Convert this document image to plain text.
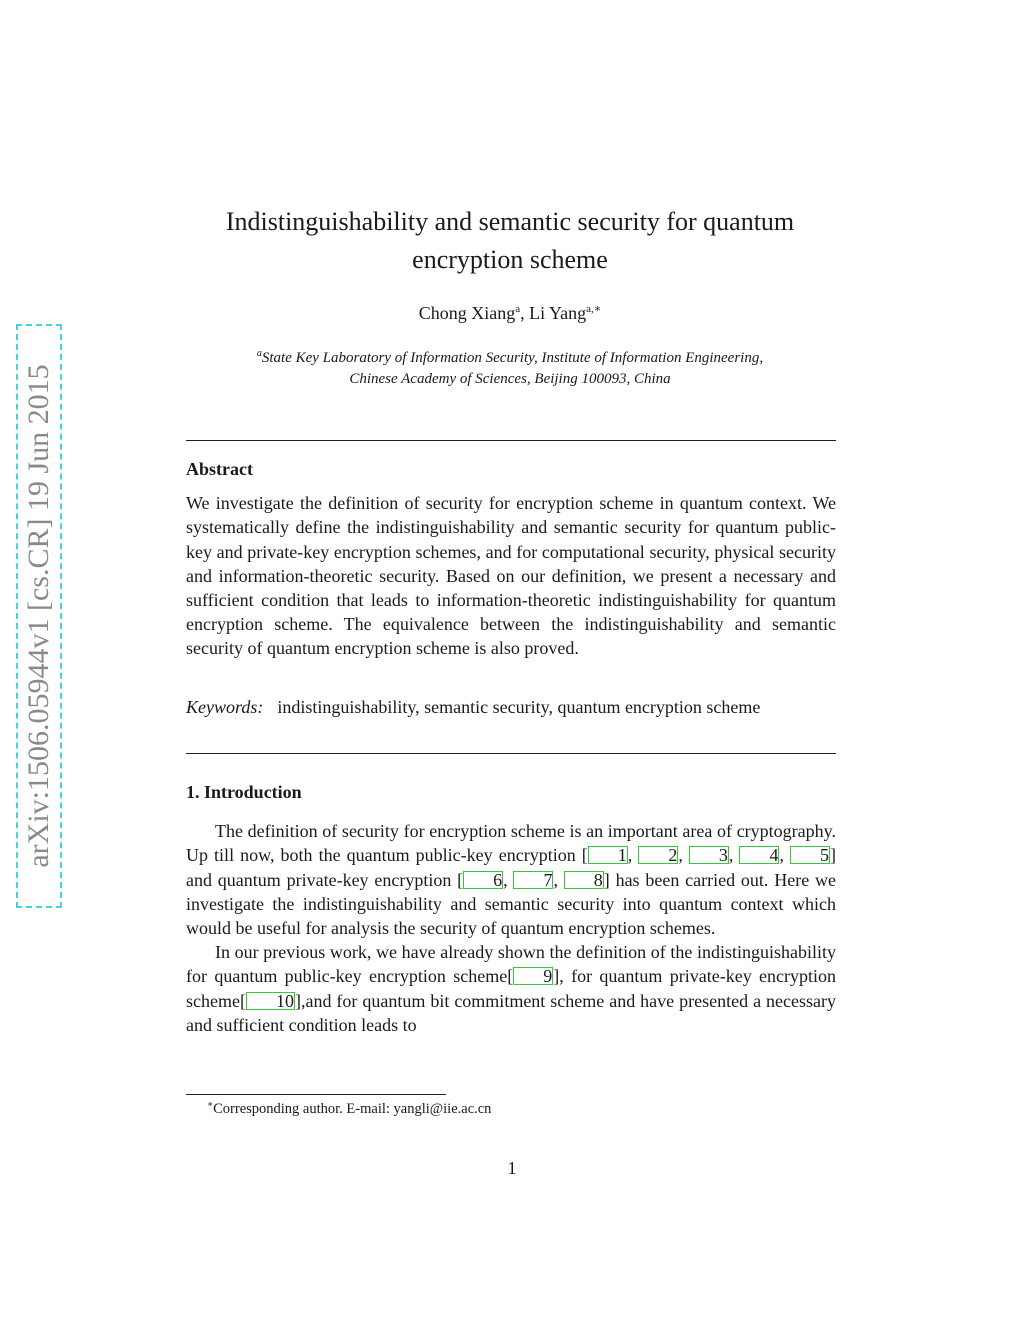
arXiv:1506.05944v1 [cs.CR] 19 Jun 2015
Indistinguishability and semantic security for quantum
encryption scheme
Chong Xiang$^a$, Li Yang$^{a,∗}$
$^a$State Key Laboratory of Information Security, Institute of Information Engineering,
Chinese Academy of Sciences, Beijing 100093, China
Abstract
We investigate the definition of security for encryption scheme in quantum context. We systematically define the indistinguishability and semantic security for quantum public-key and private-key encryption schemes, and for computational security, physical security and information-theoretic security. Based on our definition, we present a necessary and sufficient condition that leads to information-theoretic indistinguishability for quantum encryption scheme. The equivalence between the indistinguishability and semantic security of quantum encryption scheme is also proved.
Keywords: indistinguishability, semantic security, quantum encryption scheme
1. Introduction

The definition of security for encryption scheme is an important area of cryptography. Up till now, both the quantum public-key encryption [ 1, 2, 3, 4, 5] and quantum private-key encryption [ 6, 7, 8] has been carried out. Here we investigate the indistinguishability and semantic security into quantum context which would be useful for analysis the security of quantum encryption schemes.

In our previous work, we have already shown the definition of the indistinguishability for quantum public-key encryption scheme[ 9], for quantum private-key encryption scheme[ 10],and for quantum bit commitment scheme and have presented a necessary and sufficient condition leads to

∗Corresponding author. E-mail: yangli@iie.ac.cn
1
